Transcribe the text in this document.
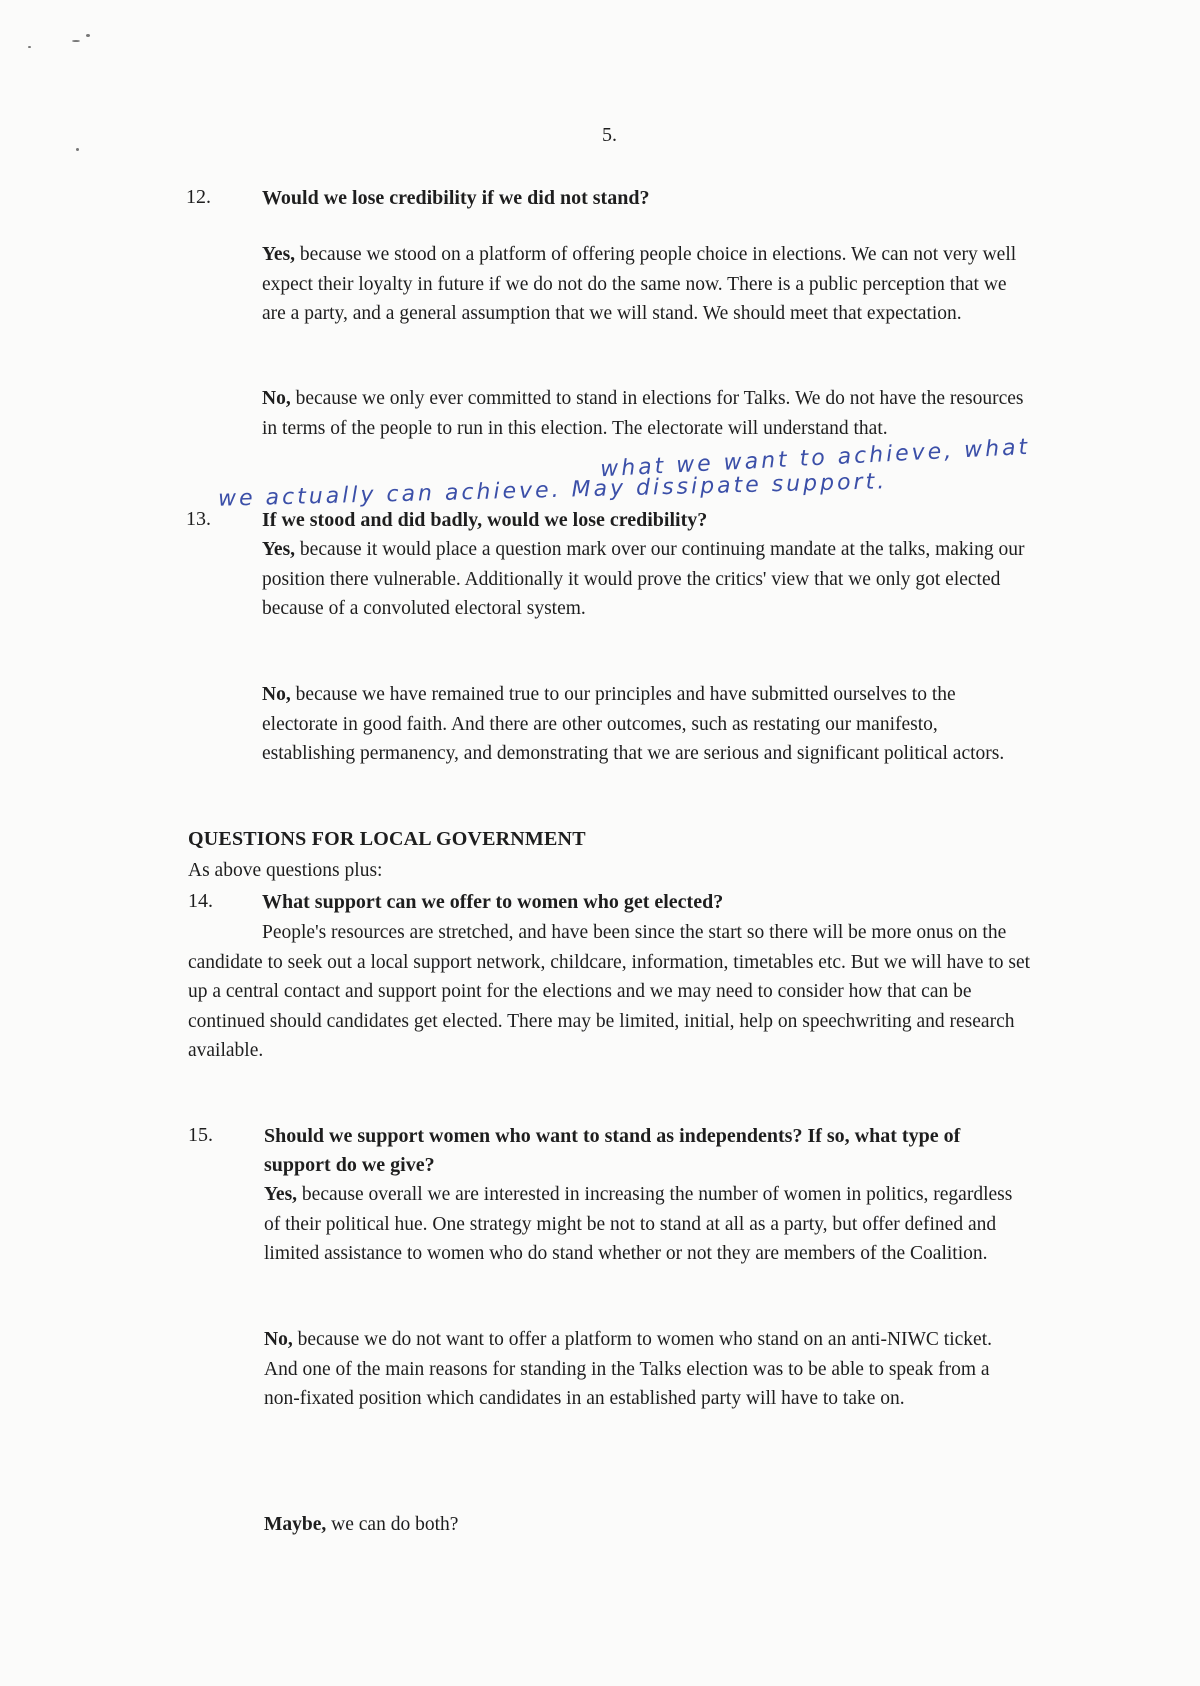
5.
12.	Would we lose credibility if we did not stand?

Yes, because we stood on a platform of offering people choice in elections. We can not very well expect their loyalty in future if we do not do the same now. There is a public perception that we are a party, and a general assumption that we will stand. We should meet that expectation.

No, because we only ever committed to stand in elections for Talks. We do not have the resources in terms of the people to run in this election. The electorate will understand that.

what we want to achieve, what
we actually can achieve. May dissipate support.
13.	If we stood and did badly, would we lose credibility?

Yes, because it would place a question mark over our continuing mandate at the talks, making our position there vulnerable. Additionally it would prove the critics' view that we only got elected because of a convoluted electoral system.

No, because we have remained true to our principles and have submitted ourselves to the electorate in good faith. And there are other outcomes, such as restating our manifesto, establishing permanency, and demonstrating that we are serious and significant political actors.

QUESTIONS FOR LOCAL GOVERNMENT
As above questions plus:
14. What support can we offer to women who get elected?

People's resources are stretched, and have been since the start so there will be more onus on the candidate to seek out a local support network, childcare, information, timetables etc. But we will have to set up a central contact and support point for the elections and we may need to consider how that can be continued should candidates get elected. There may be limited, initial, help on speechwriting and research available.

15.	Should we support women who want to stand as independents? If so, what type of support do we give?

Yes, because overall we are interested in increasing the number of women in politics, regardless of their political hue. One strategy might be not to stand at all as a party, but offer defined and limited assistance to women who do stand whether or not they are members of the Coalition.

No, because we do not want to offer a platform to women who stand on an anti-NIWC ticket.
And one of the main reasons for standing in the Talks election was to be able to speak from a non-fixated position which candidates in an established party will have to take on.

Maybe, we can do both?
